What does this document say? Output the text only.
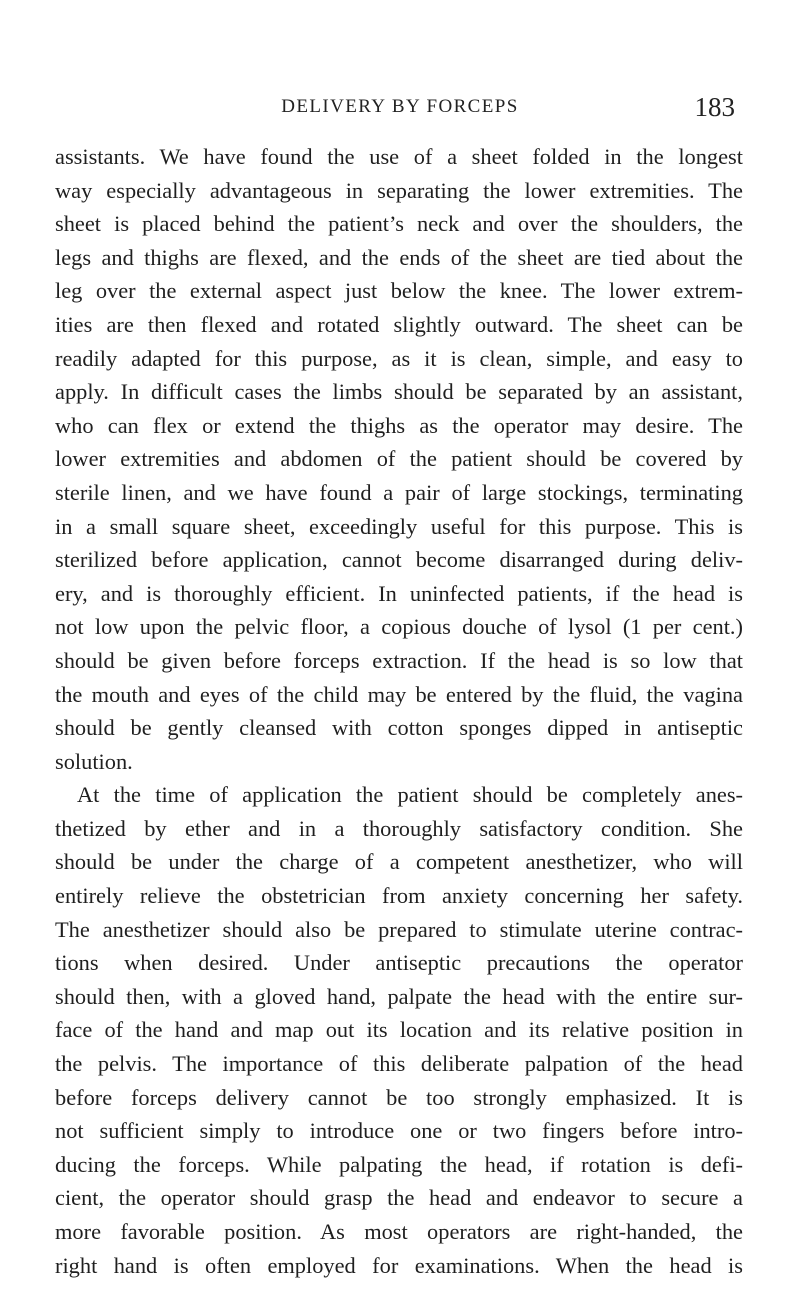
DELIVERY BY FORCEPS	183
assistants. We have found the use of a sheet folded in the longest
way especially advantageous in separating the lower extremities. The
sheet is placed behind the patient’s neck and over the shoulders, the
legs and thighs are flexed, and the ends of the sheet are tied about the
leg over the external aspect just below the knee. The lower extrem-
ities are then flexed and rotated slightly outward. The sheet can be
readily adapted for this purpose, as it is clean, simple, and easy to
apply. In difficult cases the limbs should be separated by an assistant,
who can flex or extend the thighs as the operator may desire. The
lower extremities and abdomen of the patient should be covered by
sterile linen, and we have found a pair of large stockings, terminating
in a small square sheet, exceedingly useful for this purpose. This is
sterilized before application, cannot become disarranged during deliv-
ery, and is thoroughly efficient. In uninfected patients, if the head is
not low upon the pelvic floor, a copious douche of lysol (1 per cent.)
should be given before forceps extraction. If the head is so low that
the mouth and eyes of the child may be entered by the fluid, the vagina
should be gently cleansed with cotton sponges dipped in antiseptic
solution.
At the time of application the patient should be completely anes-
thetized by ether and in a thoroughly satisfactory condition. She
should be under the charge of a competent anesthetizer, who will
entirely relieve the obstetrician from anxiety concerning her safety.
The anesthetizer should also be prepared to stimulate uterine contrac-
tions when desired. Under antiseptic precautions the operator
should then, with a gloved hand, palpate the head with the entire sur-
face of the hand and map out its location and its relative position in
the pelvis. The importance of this deliberate palpation of the head
before forceps delivery cannot be too strongly emphasized. It is
not sufficient simply to introduce one or two fingers before intro-
ducing the forceps. While palpating the head, if rotation is defi-
cient, the operator should grasp the head and endeavor to secure a
more favorable position. As most operators are right-handed, the
right hand is often employed for examinations. When the head is
